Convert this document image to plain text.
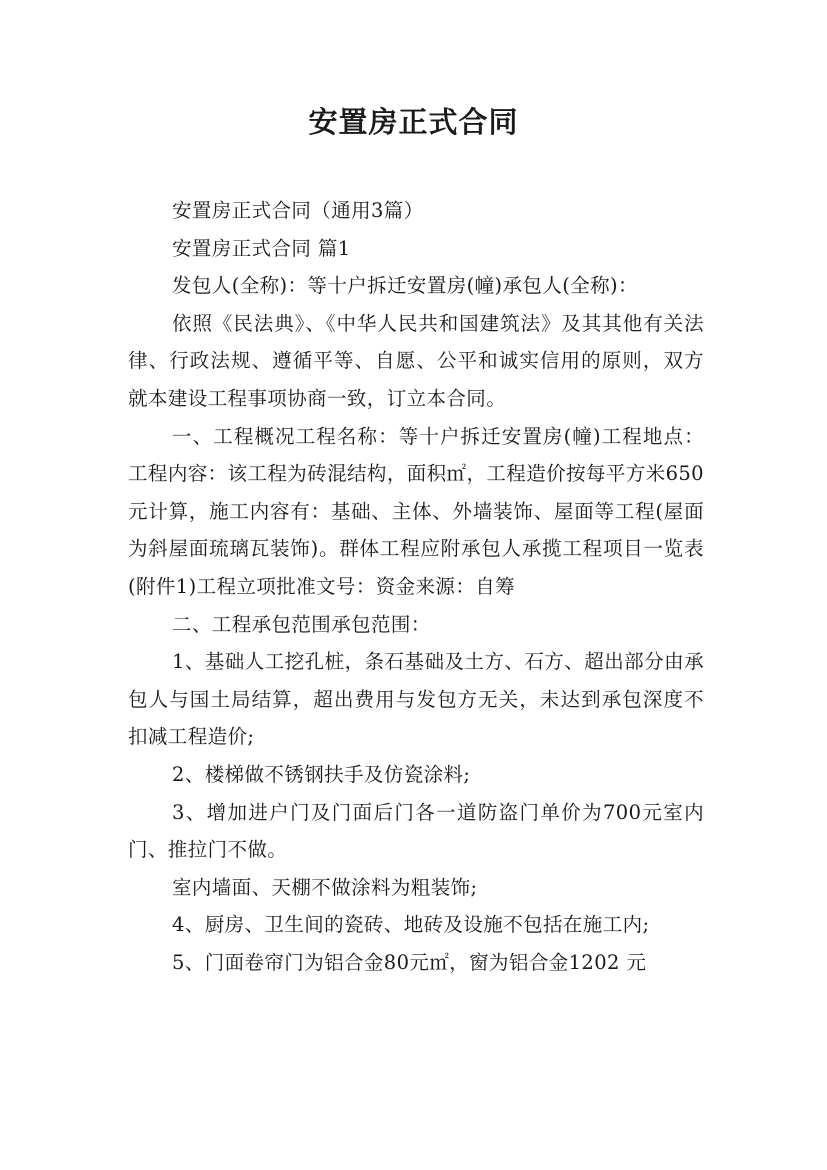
安置房正式合同

安置房正式合同（通用3篇）

安置房正式合同 篇1

发包人(全称)：等十户拆迁安置房(幢)承包人(全称)：

依照《民法典》、《中华人民共和国建筑法》及其其他有关法律、行政法规、遵循平等、自愿、公平和诚实信用的原则，双方就本建设工程事项协商一致，订立本合同。

一、工程概况工程名称：等十户拆迁安置房(幢)工程地点：工程内容：该工程为砖混结构，面积㎡，工程造价按每平方米650元计算，施工内容有：基础、主体、外墙装饰、屋面等工程(屋面为斜屋面琉璃瓦装饰)。群体工程应附承包人承揽工程项目一览表(附件1)工程立项批准文号：资金来源：自筹

二、工程承包范围承包范围：

1、基础人工挖孔桩，条石基础及土方、石方、超出部分由承包人与国土局结算，超出费用与发包方无关，未达到承包深度不扣减工程造价;

2、楼梯做不锈钢扶手及仿瓷涂料;

3、增加进户门及门面后门各一道防盗门单价为700元室内门、推拉门不做。

室内墙面、天棚不做涂料为粗装饰;

4、厨房、卫生间的瓷砖、地砖及设施不包括在施工内;

5、门面卷帘门为铝合金80元㎡，窗为铝合金1202 元
